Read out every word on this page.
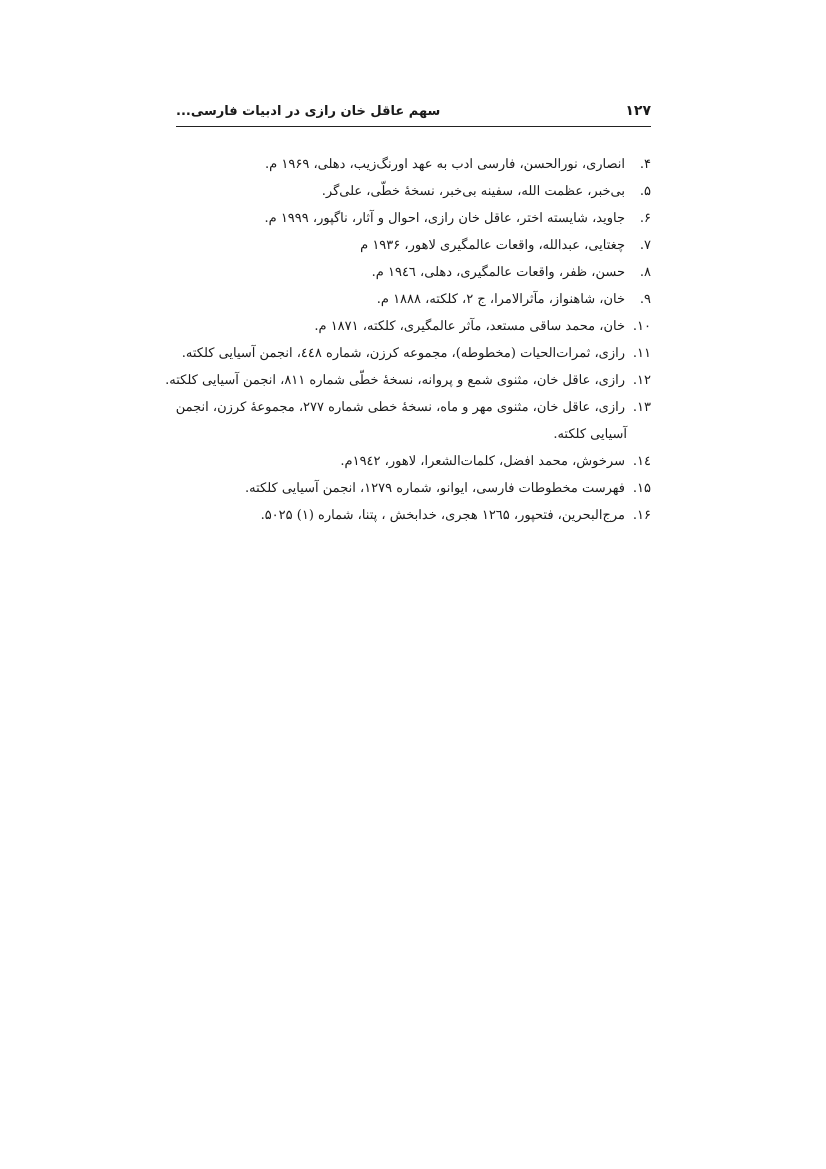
سهم عاقل خان رازی در ادبیات فارسی...	۱۲۷
۴.انصاری، نورالحسن، فارسی ادب به عهد اورنگ‌زیب، دهلی، ۱۹۶۹ م.
۵.بی‌خبر، عظمت الله، سفینه بی‌خبر، نسخهٔ خطّی، علی‌گر.
۶.جاوید، شایسته اختر، عاقل خان رازی، احوال و آثار، ناگپور، ۱۹۹۹ م.
۷.چغتایی، عبدالله، واقعات عالمگیری لاهور، ۱۹۳۶ م
۸.حسن، ظفر، واقعات عالمگیری، دهلی، ۱۹٤٦ م.
۹.خان، شاهنواز، مآثرالامرا، ج ۲، کلکته، ۱۸۸۸ م.
۱۰.خان، محمد ساقی مستعد، مآثر عالمگیری، کلکته، ۱۸۷۱ م.
۱۱.رازی، ثمرات‌الحیات (مخطوطه)، مجموعه کرزن، شماره ٤٤۸، انجمن آسیایی کلکته.
۱۲.رازی، عاقل خان، مثنوی شمع و پروانه، نسخهٔ خطّی شماره ۸۱۱، انجمن آسیایی کلکته.
۱۳.رازی، عاقل خان، مثنوی مهر و ماه، نسخهٔ خطی شماره ۲۷۷، مجموعهٔ کرزن، انجمن
آسیایی کلکته.
۱٤.سرخوش، محمد افضل، کلمات‌الشعرا، لاهور، ۱۹٤۲م.
۱۵.فهرست مخطوطات فارسی، ایوانو، شماره ۱۲۷۹، انجمن آسیایی کلکته.
۱۶.مرج‌البحرین، فتحپور، ۱۲٦۵ هجری، خدابخش ، پتنا، شماره (۱) ۵۰۲۵.
